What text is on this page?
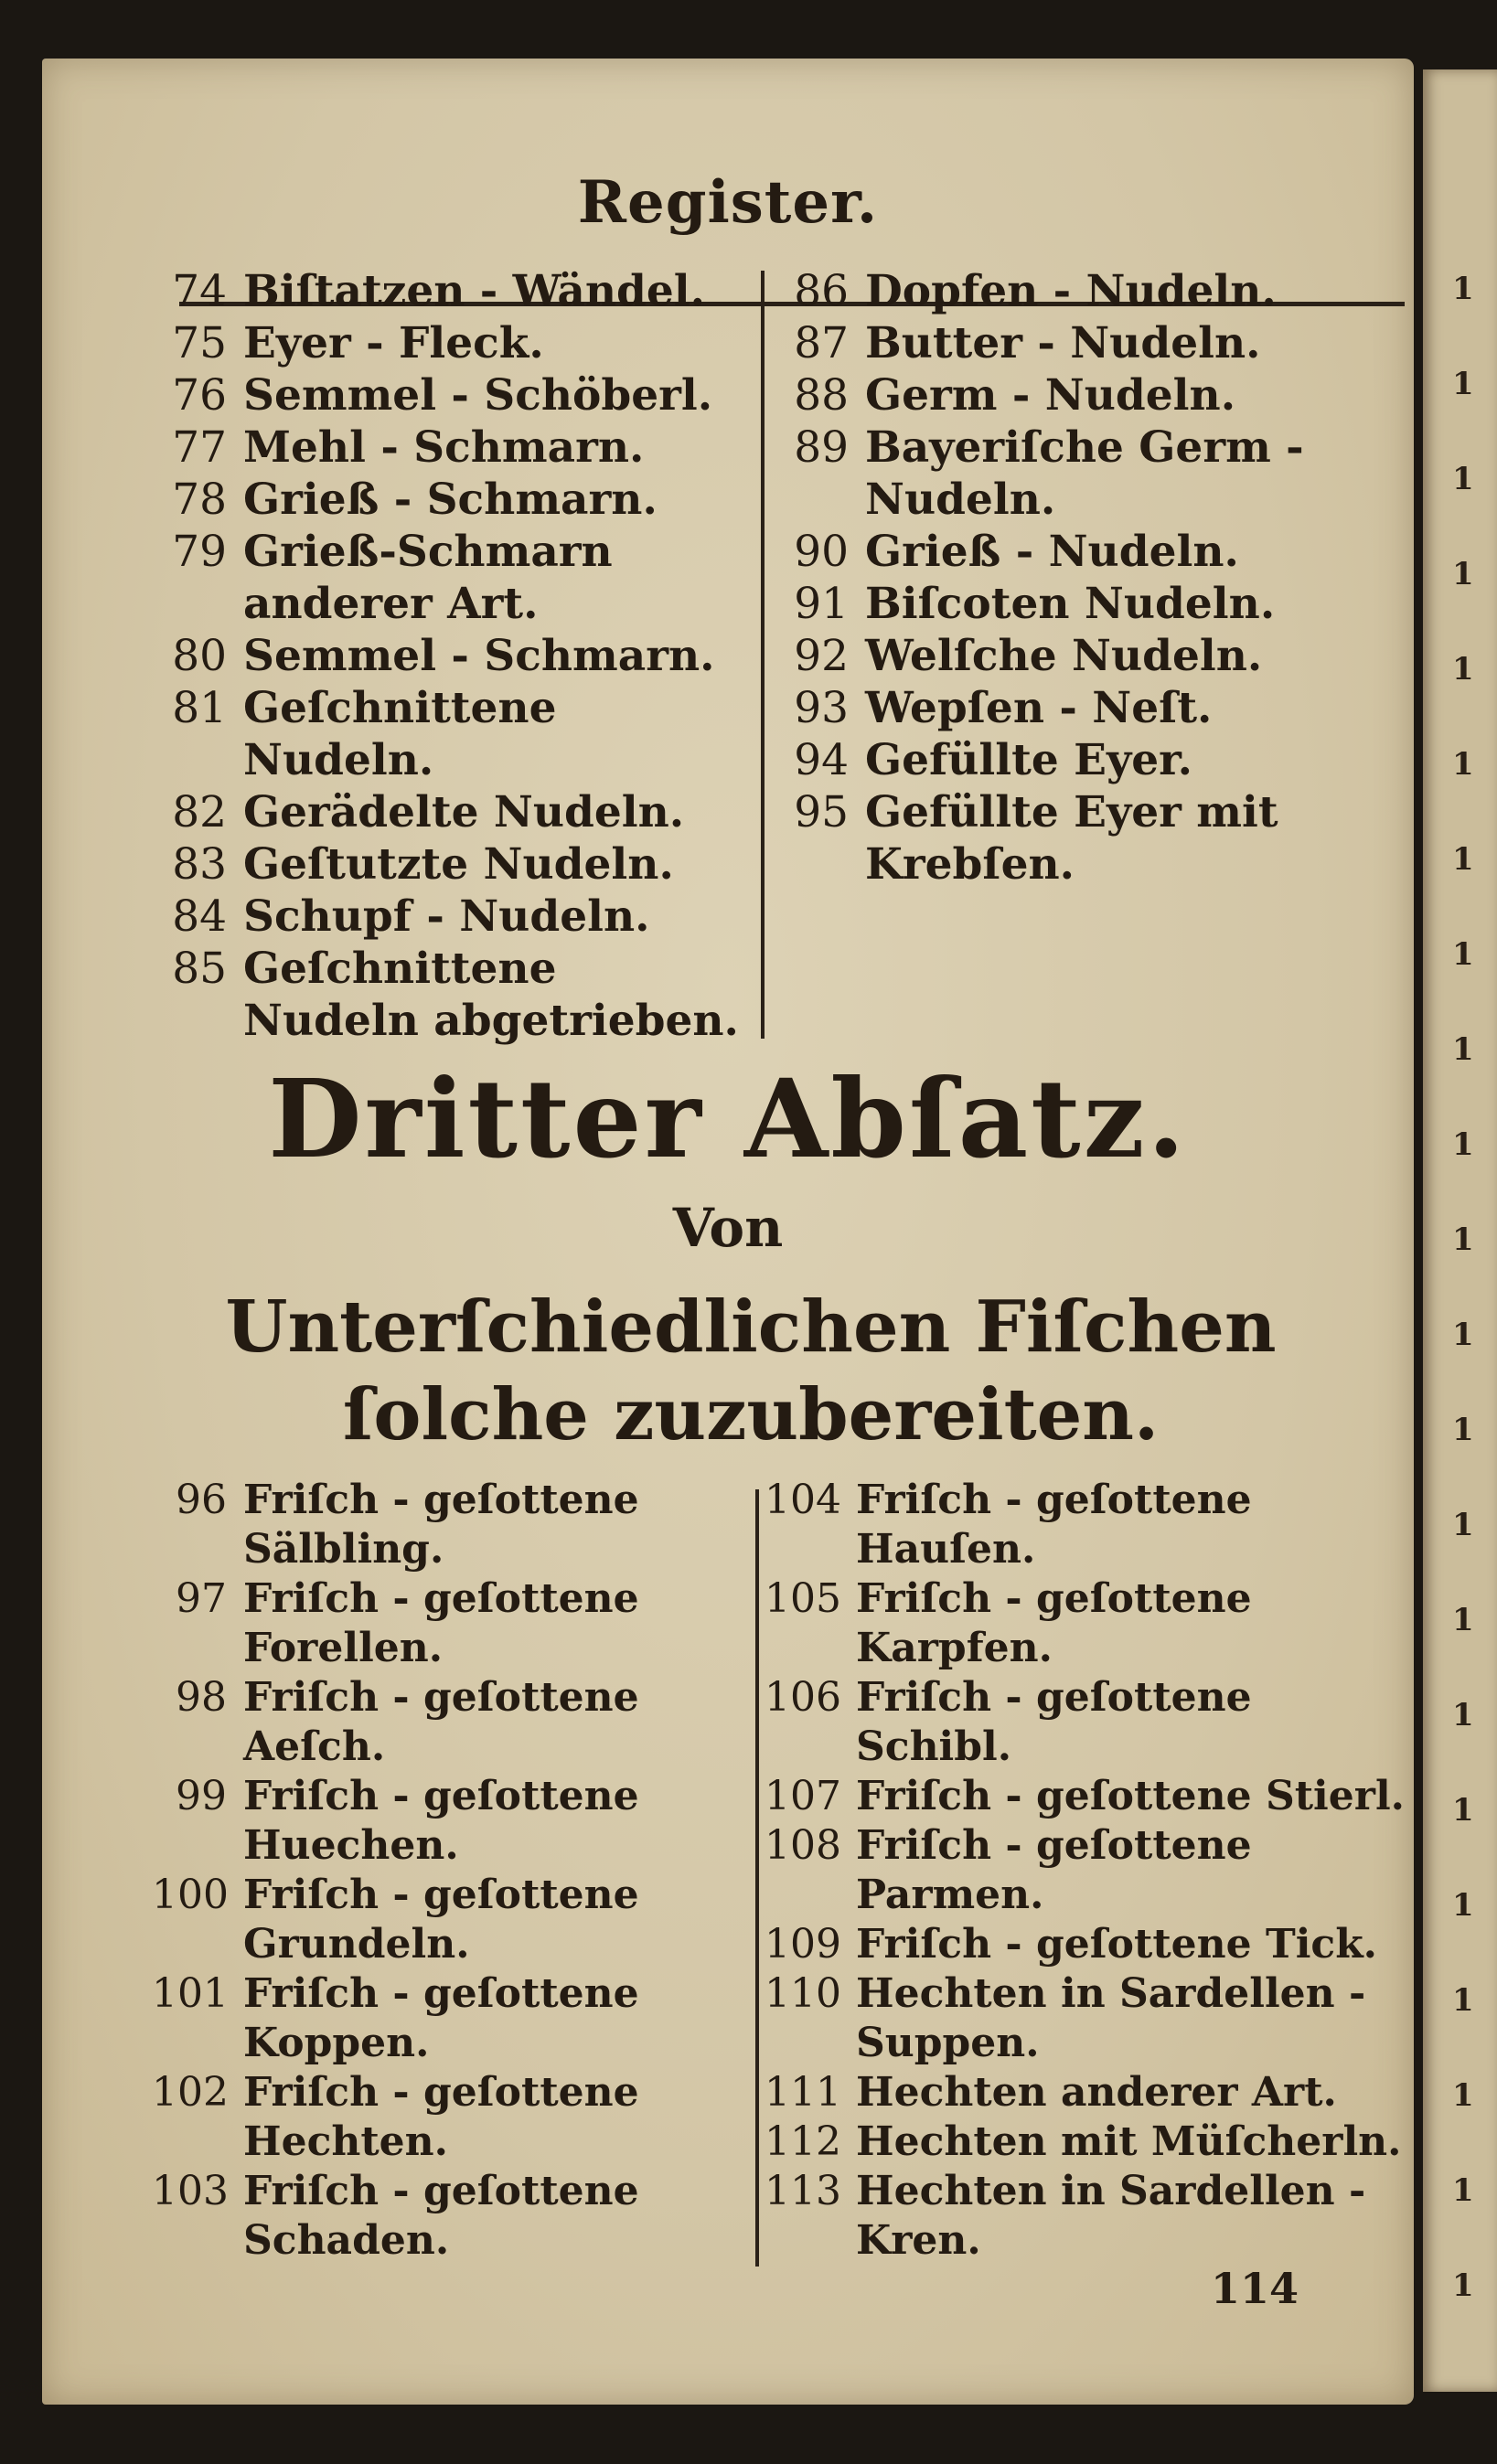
1
1
1
1
1
1
1
1
1
1
1
1
1
1
1
1
1
1
1
1
1
1
Register.
74 Biſtatzen - Wändel.
75 Eyer - Fleck.
76 Semmel - Schöberl.
77 Mehl - Schmarn.
78 Grieß - Schmarn.
79 Grieß-Schmarn anderer Art.
80 Semmel - Schmarn.
81 Geſchnittene Nudeln.
82 Gerädelte Nudeln.
83 Geſtutzte Nudeln.
84 Schupf - Nudeln.
85 Geſchnittene Nudeln abgetrieben.
86 Dopfen - Nudeln.
87 Butter - Nudeln.
88 Germ - Nudeln.
89 Bayeriſche Germ - Nudeln.
90 Grieß - Nudeln.
91 Biſcoten Nudeln.
92 Welſche Nudeln.
93 Wepſen - Neſt.
94 Gefüllte Eyer.
95 Gefüllte Eyer mit Krebſen.
Dritter Abſatz.
Von
Unterſchiedlichen Fiſchen ſolche zuzubereiten.
96 Friſch - geſottene Sälbling.
97 Friſch - geſottene Forellen.
98 Friſch - geſottene Aeſch.
99 Friſch - geſottene Huechen.
100 Friſch - geſottene Grundeln.
101 Friſch - geſottene Koppen.
102 Friſch - geſottene Hechten.
103 Friſch - geſottene Schaden.
104 Friſch - geſottene Hauſen.
105 Friſch - geſottene Karpfen.
106 Friſch - geſottene Schibl.
107 Friſch - geſottene Stierl.
108 Friſch - geſottene Parmen.
109 Friſch - geſottene Tick.
110 Hechten in Sardellen - Suppen.
111 Hechten anderer Art.
112 Hechten mit Müſcherln.
113 Hechten in Sardellen - Kren.
114
